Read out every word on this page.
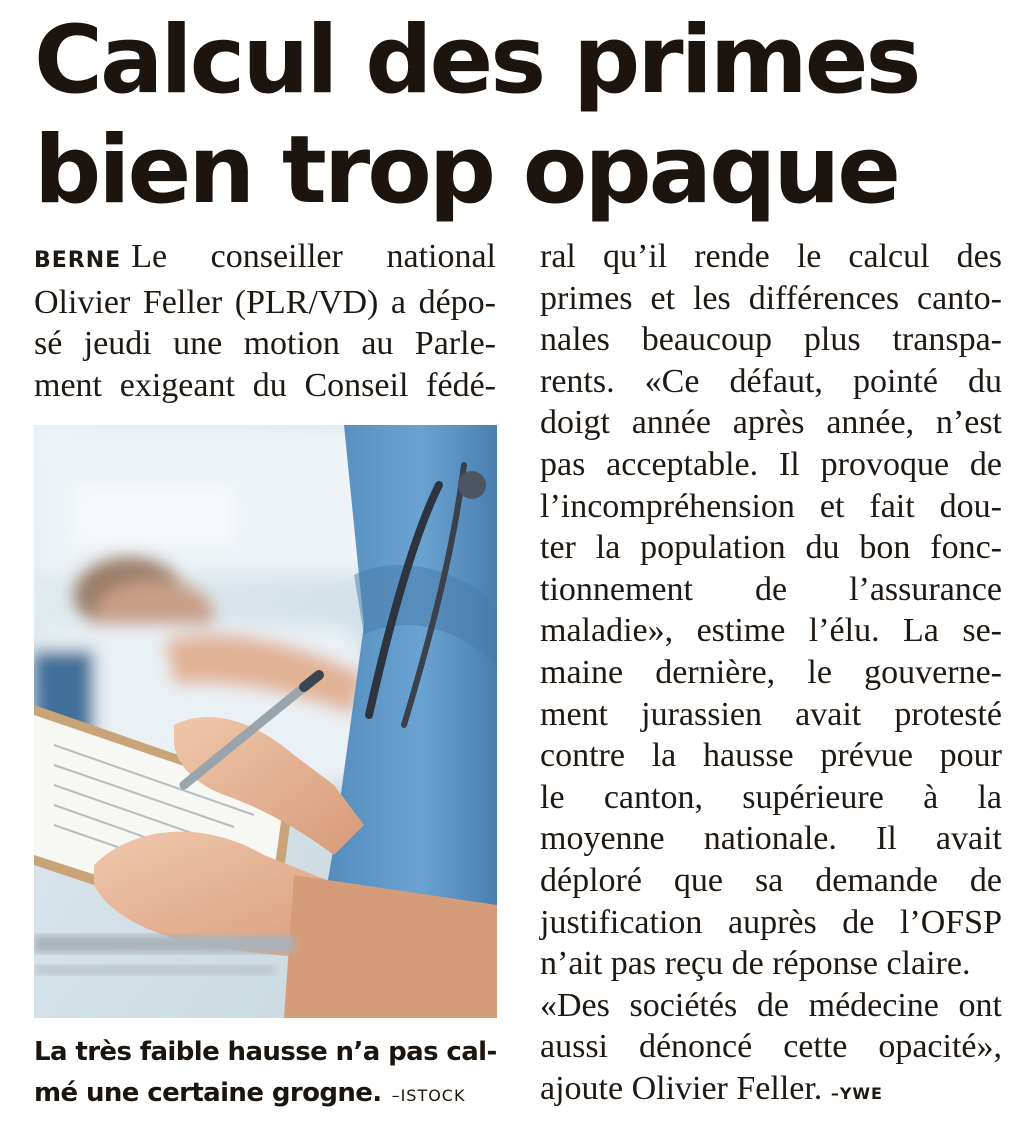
Calcul des primes
bien trop opaque
BERNE Le conseiller national
Olivier Feller (PLR/VD) a dépo-
sé jeudi une motion au Parle-
ment exigeant du Conseil fédé-
La très faible hausse n’a pas cal-
mé une certaine grogne. –ISTOCK
ral qu’il rende le calcul des
primes et les différences canto-
nales beaucoup plus transpa-
rents. «Ce défaut, pointé du
doigt année après année, n’est
pas acceptable. Il provoque de
l’incompréhension et fait dou-
ter la population du bon fonc-
tionnement de l’assurance
maladie», estime l’élu. La se-
maine dernière, le gouverne-
ment jurassien avait protesté
contre la hausse prévue pour
le canton, supérieure à la
moyenne nationale. Il avait
déploré que sa demande de
justification auprès de l’OFSP
n’ait pas reçu de réponse claire.
«Des sociétés de médecine ont
aussi dénoncé cette opacité»,
ajoute Olivier Feller. –YWE
